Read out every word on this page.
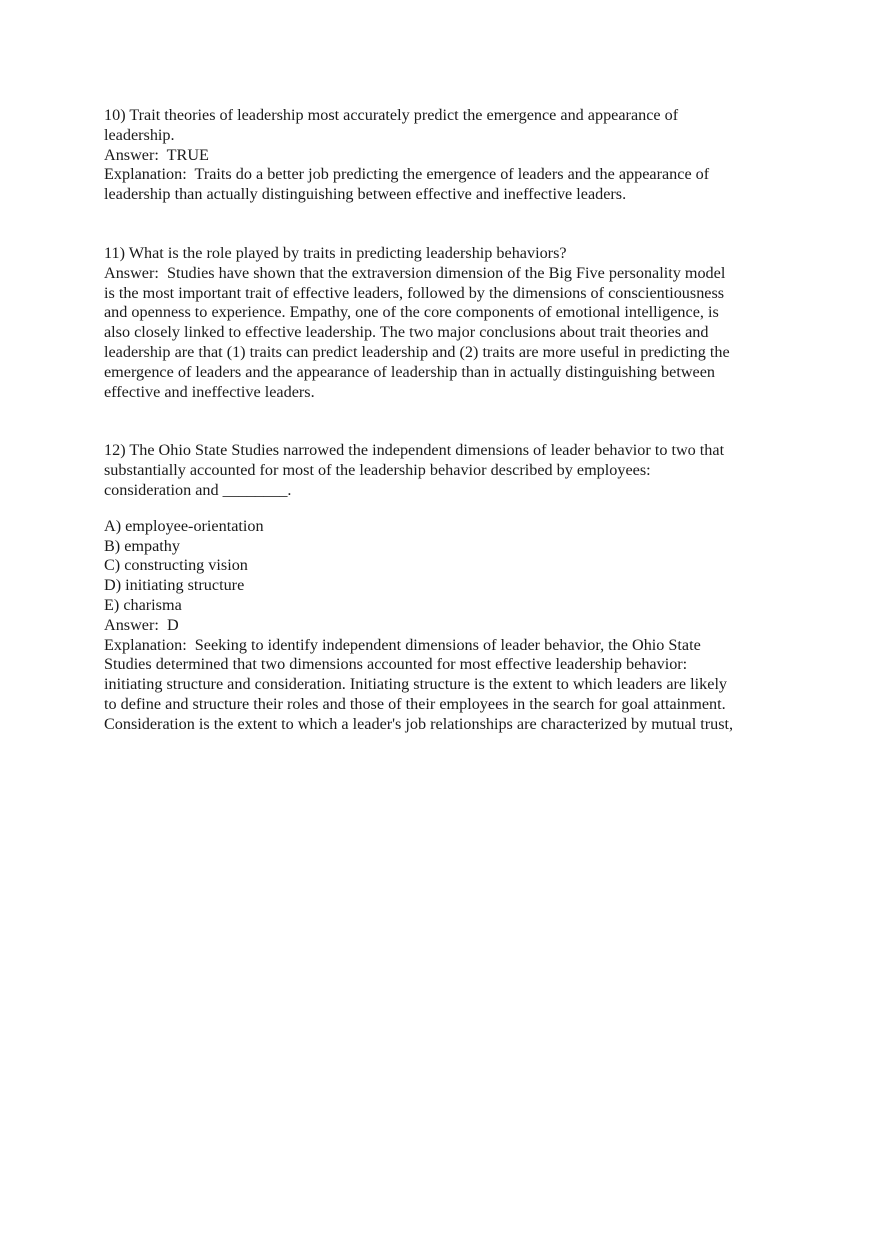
10) Trait theories of leadership most accurately predict the emergence and appearance of
leadership.
Answer:  TRUE
Explanation:  Traits do a better job predicting the emergence of leaders and the appearance of
leadership than actually distinguishing between effective and ineffective leaders.
11) What is the role played by traits in predicting leadership behaviors?
Answer:  Studies have shown that the extraversion dimension of the Big Five personality model
is the most important trait of effective leaders, followed by the dimensions of conscientiousness
and openness to experience. Empathy, one of the core components of emotional intelligence, is
also closely linked to effective leadership. The two major conclusions about trait theories and
leadership are that (1) traits can predict leadership and (2) traits are more useful in predicting the
emergence of leaders and the appearance of leadership than in actually distinguishing between
effective and ineffective leaders.
12) The Ohio State Studies narrowed the independent dimensions of leader behavior to two that
substantially accounted for most of the leadership behavior described by employees:
consideration and ________.
A) employee-orientation
B) empathy
C) constructing vision
D) initiating structure
E) charisma
Answer:  D
Explanation:  Seeking to identify independent dimensions of leader behavior, the Ohio State
Studies determined that two dimensions accounted for most effective leadership behavior:
initiating structure and consideration. Initiating structure is the extent to which leaders are likely
to define and structure their roles and those of their employees in the search for goal attainment.
Consideration is the extent to which a leader's job relationships are characterized by mutual trust,
